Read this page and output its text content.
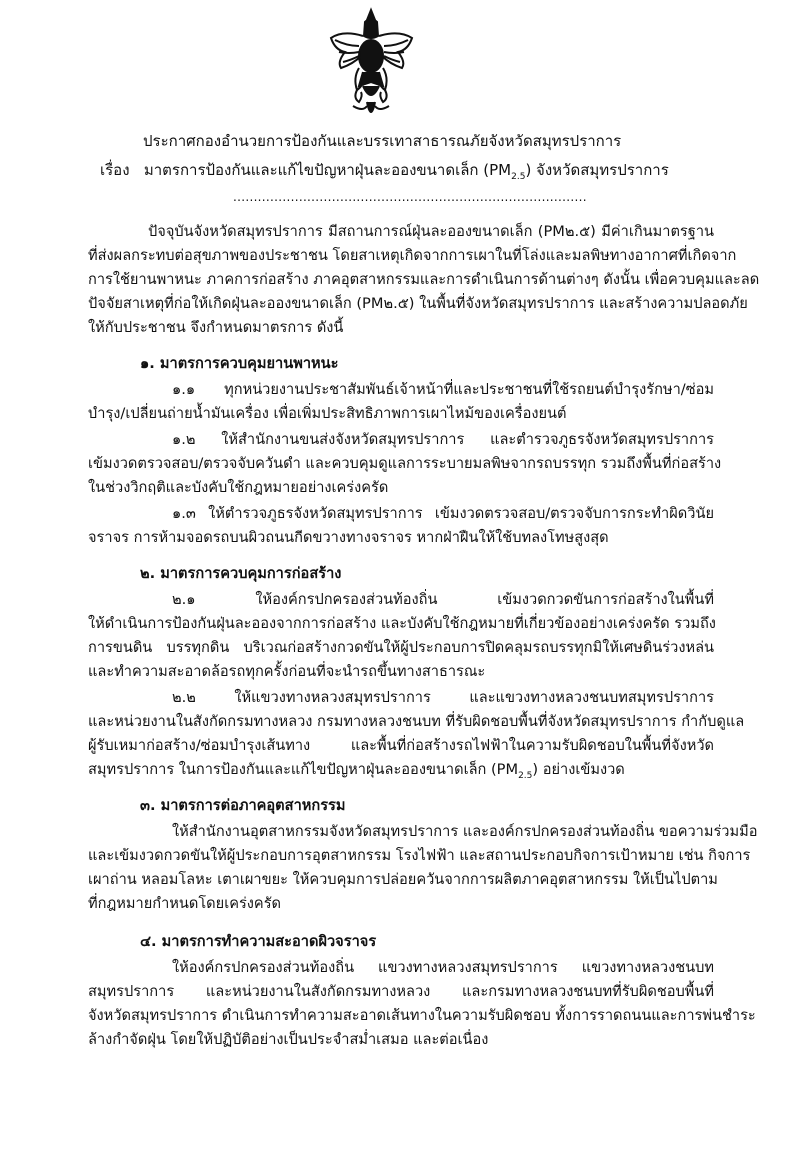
ประกาศกองอำนวยการป้องกันและบรรเทาสาธารณภัยจังหวัดสมุทรปราการ
เรื่อง มาตรการป้องกันและแก้ไขปัญหาฝุ่นละอองขนาดเล็ก $(PM_{2.5})$ จังหวัดสมุทรปราการ
......................................................................................
ปัจจุบันจังหวัดสมุทรปราการ มีสถานการณ์ฝุ่นละอองขนาดเล็ก (PM๒.๕) มีค่าเกินมาตรฐาน
ที่ส่งผลกระทบต่อสุขภาพของประชาชน โดยสาเหตุเกิดจากการเผาในที่โล่งและมลพิษทางอากาศที่เกิดจาก
การใช้ยานพาหนะ ภาคการก่อสร้าง ภาคอุตสาหกรรมและการดำเนินการด้านต่างๆ ดังนั้น เพื่อควบคุมและลด
ปัจจัยสาเหตุที่ก่อให้เกิดฝุ่นละอองขนาดเล็ก (PM๒.๕) ในพื้นที่จังหวัดสมุทรปราการ และสร้างความปลอดภัย
ให้กับประชาชน จึงกำหนดมาตรการ ดังนี้
๑. มาตรการควบคุมยานพาหนะ
๑.๑ ทุกหน่วยงานประชาสัมพันธ์เจ้าหน้าที่และประชาชนที่ใช้รถยนต์บำรุงรักษา/ซ่อม
บำรุง/เปลี่ยนถ่ายน้ำมันเครื่อง เพื่อเพิ่มประสิทธิภาพการเผาไหม้ของเครื่องยนต์
๑.๒ ให้สำนักงานขนส่งจังหวัดสมุทรปราการ และตำรวจภูธรจังหวัดสมุทรปราการ
เข้มงวดตรวจสอบ/ตรวจจับควันดำ และควบคุมดูแลการระบายมลพิษจากรถบรรทุก รวมถึงพื้นที่ก่อสร้าง
ในช่วงวิกฤติและบังคับใช้กฎหมายอย่างเคร่งครัด
๑.๓ ให้ตำรวจภูธรจังหวัดสมุทรปราการ เข้มงวดตรวจสอบ/ตรวจจับการกระทำผิดวินัย
จราจร การห้ามจอดรถบนผิวถนนกีดขวางทางจราจร หากฝ่าฝืนให้ใช้บทลงโทษสูงสุด
๒. มาตรการควบคุมการก่อสร้าง
๒.๑ ให้องค์กรปกครองส่วนท้องถิ่น เข้มงวดกวดขันการก่อสร้างในพื้นที่
ให้ดำเนินการป้องกันฝุ่นละอองจากการก่อสร้าง และบังคับใช้กฎหมายที่เกี่ยวข้องอย่างเคร่งครัด รวมถึง
การขนดิน บรรทุกดิน บริเวณก่อสร้างกวดขันให้ผู้ประกอบการปิดคลุมรถบรรทุกมิให้เศษดินร่วงหล่น
และทำความสะอาดล้อรถทุกครั้งก่อนที่จะนำรถขึ้นทางสาธารณะ
๒.๒ ให้แขวงทางหลวงสมุทรปราการ และแขวงทางหลวงชนบทสมุทรปราการ
และหน่วยงานในสังกัดกรมทางหลวง กรมทางหลวงชนบท ที่รับผิดชอบพื้นที่จังหวัดสมุทรปราการ กำกับดูแล
ผู้รับเหมาก่อสร้าง/ซ่อมบำรุงเส้นทาง และพื้นที่ก่อสร้างรถไฟฟ้าในความรับผิดชอบในพื้นที่จังหวัด
สมุทรปราการ ในการป้องกันและแก้ไขปัญหาฝุ่นละอองขนาดเล็ก $(PM_{2.5})$ อย่างเข้มงวด
๓. มาตรการต่อภาคอุตสาหกรรม
ให้สำนักงานอุตสาหกรรมจังหวัดสมุทรปราการ และองค์กรปกครองส่วนท้องถิ่น ขอความร่วมมือ
และเข้มงวดกวดขันให้ผู้ประกอบการอุตสาหกรรม โรงไฟฟ้า และสถานประกอบกิจการเป้าหมาย เช่น กิจการ
เผาถ่าน หลอมโลหะ เตาเผาขยะ ให้ควบคุมการปล่อยควันจากการผลิตภาคอุตสาหกรรม ให้เป็นไปตาม
ที่กฎหมายกำหนดโดยเคร่งครัด
๔. มาตรการทำความสะอาดผิวจราจร
ให้องค์กรปกครองส่วนท้องถิ่น แขวงทางหลวงสมุทรปราการ แขวงทางหลวงชนบท
สมุทรปราการ และหน่วยงานในสังกัดกรมทางหลวง และกรมทางหลวงชนบทที่รับผิดชอบพื้นที่
จังหวัดสมุทรปราการ ดำเนินการทำความสะอาดเส้นทางในความรับผิดชอบ ทั้งการราดถนนและการพ่นชำระ
ล้างกำจัดฝุ่น โดยให้ปฏิบัติอย่างเป็นประจำสม่ำเสมอ และต่อเนื่อง
